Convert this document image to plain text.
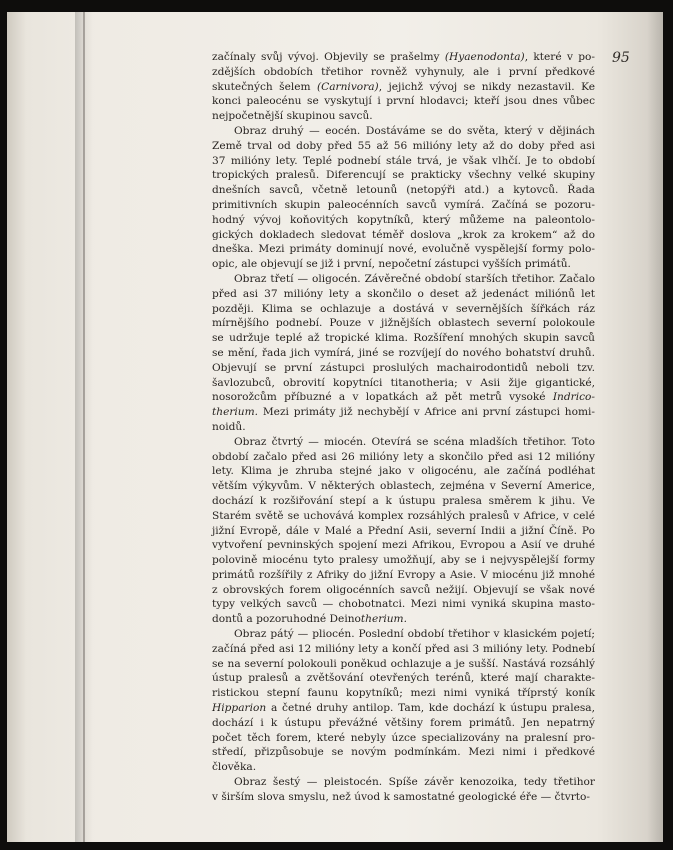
95
začínaly svůj vývoj. Objevily se prašelmy (Hyaenodonta), které v po-
zdějších obdobích třetihor rovněž vyhynuly, ale i první předkové
skutečných šelem (Carnivora), jejichž vývoj se nikdy nezastavil. Ke
konci paleocénu se vyskytují i první hlodavci; kteří jsou dnes vůbec
nejpočetnější skupinou savců.
Obraz druhý — eocén. Dostáváme se do světa, který v dějinách
Země trval od doby před 55 až 56 milióny lety až do doby před asi
37 milióny lety. Teplé podnebí stále trvá, je však vlhčí. Je to období
tropických pralesů. Diferencují se prakticky všechny velké skupiny
dnešních savců, včetně letounů (netopýři atd.) a kytovců. Řada
primitivních skupin paleocénních savců vymírá. Začíná se pozoru-
hodný vývoj koňovitých kopytníků, který můžeme na paleontolo-
gických dokladech sledovat téměř doslova „krok za krokem“ až do
dneška. Mezi primáty dominují nové, evolučně vyspělejší formy polo-
opic, ale objevují se již i první, nepočetní zástupci vyšších primátů.
Obraz třetí — oligocén. Závěrečné období starších třetihor. Začalo
před asi 37 milióny lety a skončilo o deset až jedenáct miliónů let
později. Klima se ochlazuje a dostává v severnějších šířkách ráz
mírnějšího podnebí. Pouze v jižnějších oblastech severní polokoule
se udržuje teplé až tropické klima. Rozšíření mnohých skupin savců
se mění, řada jich vymírá, jiné se rozvíjejí do nového bohatství druhů.
Objevují se první zástupci proslulých machairodontidů neboli tzv.
šavlozubců, obrovití kopytníci titanotheria; v Asii žije gigantické,
nosorožcům příbuzné a v lopatkách až pět metrů vysoké Indrico-
therium. Mezi primáty již nechybějí v Africe ani první zástupci homi-
noidů.
Obraz čtvrtý — miocén. Otevírá se scéna mladších třetihor. Toto
období začalo před asi 26 milióny lety a skončilo před asi 12 milióny
lety. Klima je zhruba stejné jako v oligocénu, ale začíná podléhat
větším výkyvům. V některých oblastech, zejména v Severní Americe,
dochází k rozšiřování stepí a k ústupu pralesa směrem k jihu. Ve
Starém světě se uchovává komplex rozsáhlých pralesů v Africe, v celé
jižní Evropě, dále v Malé a Přední Asii, severní Indii a jižní Číně. Po
vytvoření pevninských spojení mezi Afrikou, Evropou a Asií ve druhé
polovině miocénu tyto pralesy umožňují, aby se i nejvyspělejší formy
primátů rozšířily z Afriky do jižní Evropy a Asie. V miocénu již mnohé
z obrovských forem oligocénních savců nežijí. Objevují se však nové
typy velkých savců — chobotnatci. Mezi nimi vyniká skupina masto-
dontů a pozoruhodné Deinotherium.
Obraz pátý — pliocén. Poslední období třetihor v klasickém pojetí;
začíná před asi 12 milióny lety a končí před asi 3 milióny lety. Podnebí
se na severní polokouli poněkud ochlazuje a je sušší. Nastává rozsáhlý
ústup pralesů a zvětšování otevřených terénů, které mají charakte-
ristickou stepní faunu kopytníků; mezi nimi vyniká tříprstý koník
Hipparion a četné druhy antilop. Tam, kde dochází k ústupu pralesa,
dochází i k ústupu převážné většiny forem primátů. Jen nepatrný
počet těch forem, které nebyly úzce specializovány na pralesní pro-
středí, přizpůsobuje se novým podmínkám. Mezi nimi i předkové
člověka.
Obraz šestý — pleistocén. Spíše závěr kenozoika, tedy třetihor
v širším slova smyslu, než úvod k samostatné geologické éře — čtvrto-
